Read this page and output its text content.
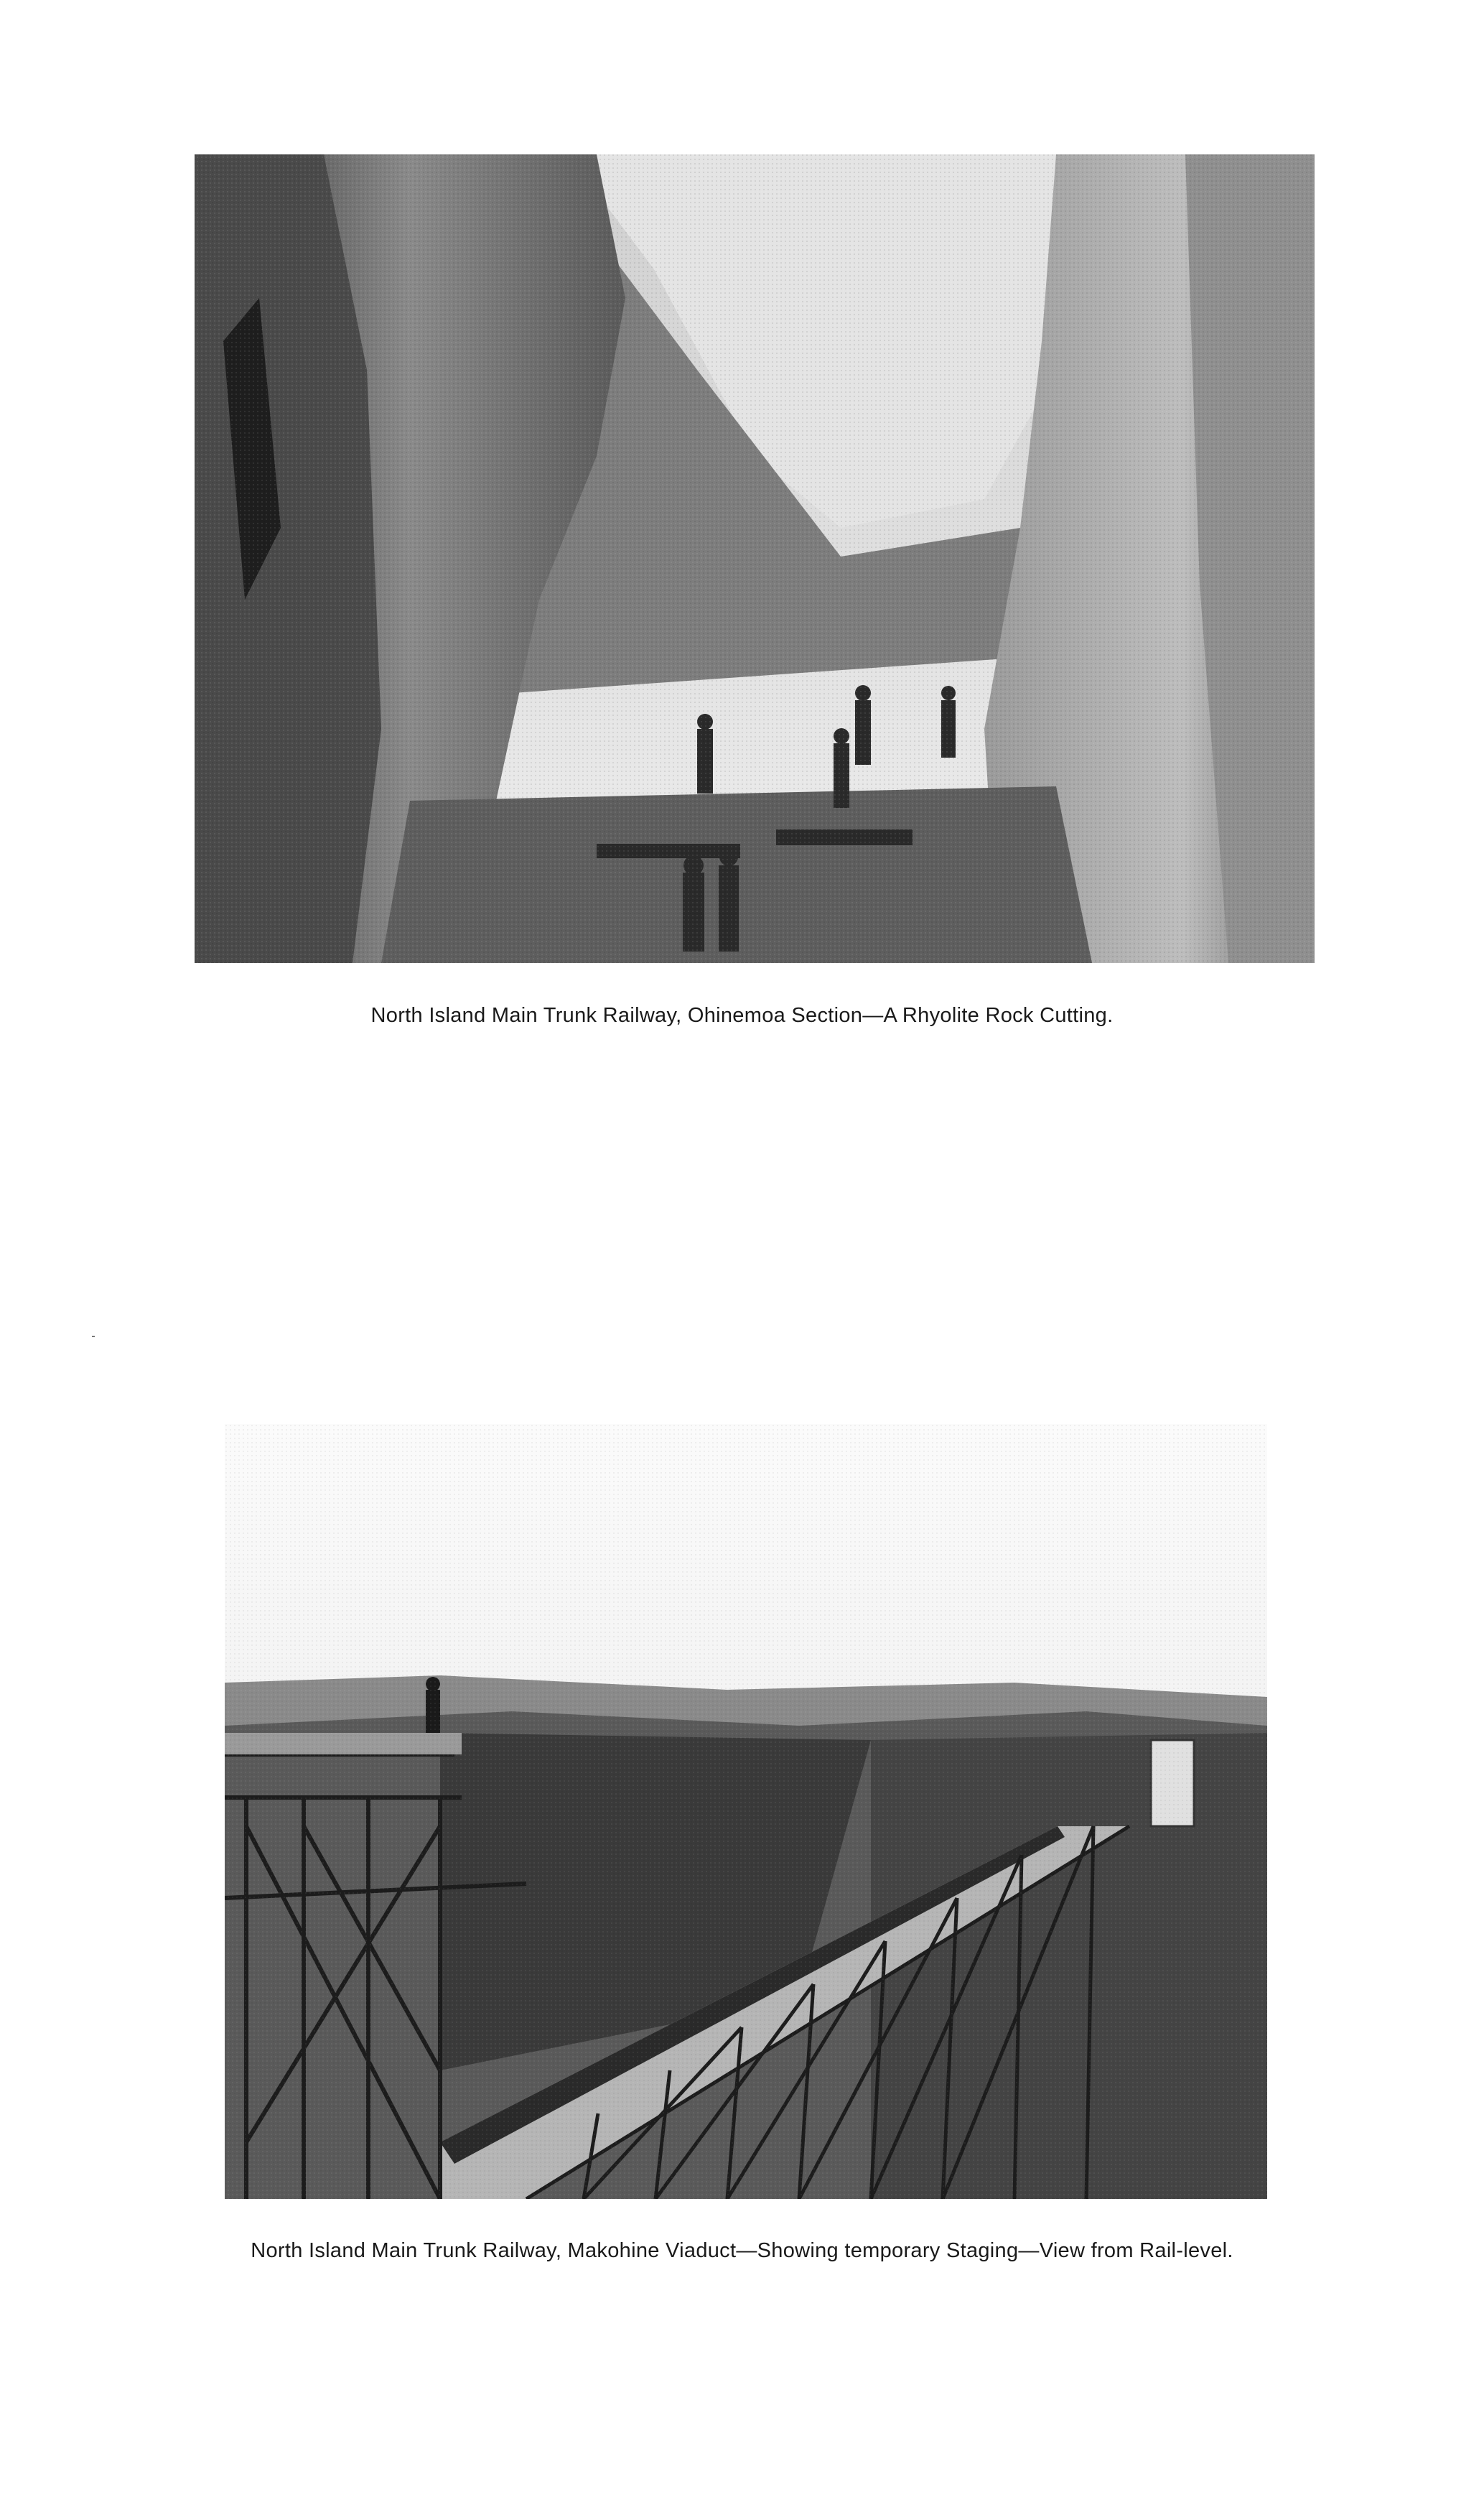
North Island Main Trunk Railway, Ohinemoa Section—A Rhyolite Rock Cutting.
North Island Main Trunk Railway, Makohine Viaduct—Showing temporary Staging—View from Rail-level.
